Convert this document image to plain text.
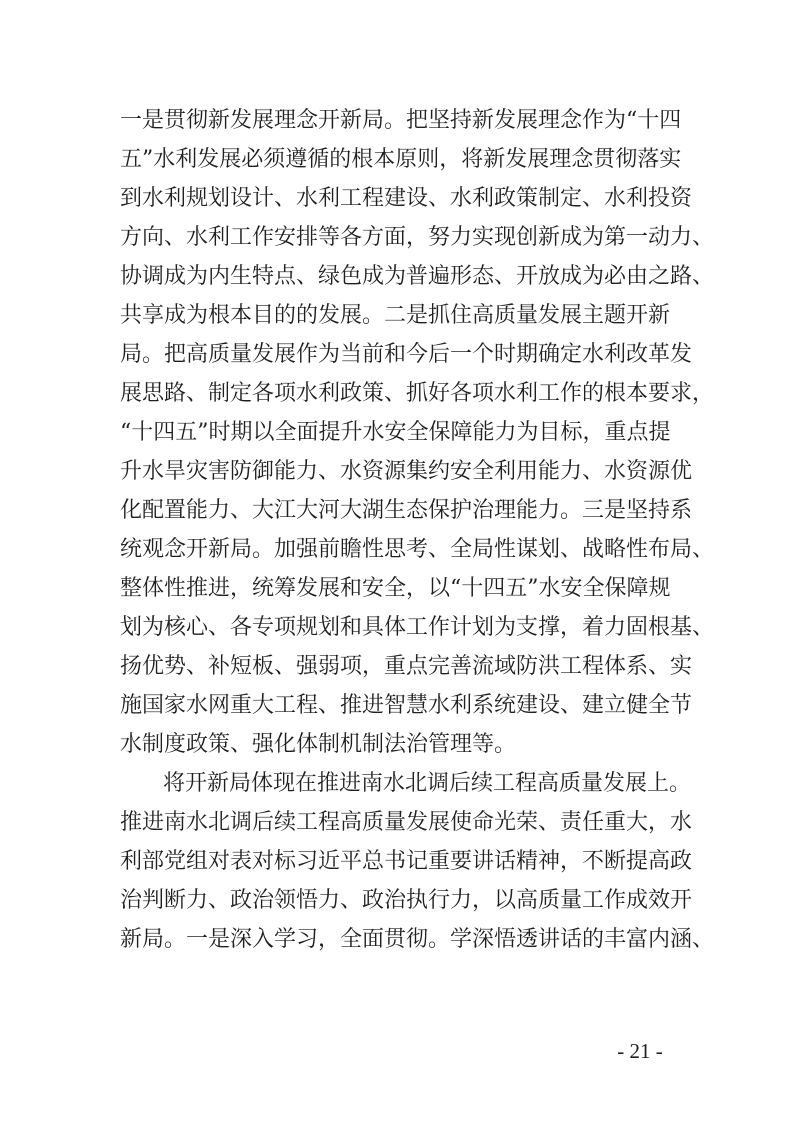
一是贯彻新发展理念开新局。把坚持新发展理念作为“十四
五”水利发展必须遵循的根本原则，将新发展理念贯彻落实
到水利规划设计、水利工程建设、水利政策制定、水利投资
方向、水利工作安排等各方面，努力实现创新成为第一动力、
协调成为内生特点、绿色成为普遍形态、开放成为必由之路、
共享成为根本目的的发展。二是抓住高质量发展主题开新
局。把高质量发展作为当前和今后一个时期确定水利改革发
展思路、制定各项水利政策、抓好各项水利工作的根本要求，
“十四五”时期以全面提升水安全保障能力为目标，重点提
升水旱灾害防御能力、水资源集约安全利用能力、水资源优
化配置能力、大江大河大湖生态保护治理能力。三是坚持系
统观念开新局。加强前瞻性思考、全局性谋划、战略性布局、
整体性推进，统筹发展和安全，以“十四五”水安全保障规
划为核心、各专项规划和具体工作计划为支撑，着力固根基、
扬优势、补短板、强弱项，重点完善流域防洪工程体系、实
施国家水网重大工程、推进智慧水利系统建设、建立健全节
水制度政策、强化体制机制法治管理等。
将开新局体现在推进南水北调后续工程高质量发展上。
推进南水北调后续工程高质量发展使命光荣、责任重大，水
利部党组对表对标习近平总书记重要讲话精神，不断提高政
治判断力、政治领悟力、政治执行力，以高质量工作成效开
新局。一是深入学习，全面贯彻。学深悟透讲话的丰富内涵、
- 21 -
